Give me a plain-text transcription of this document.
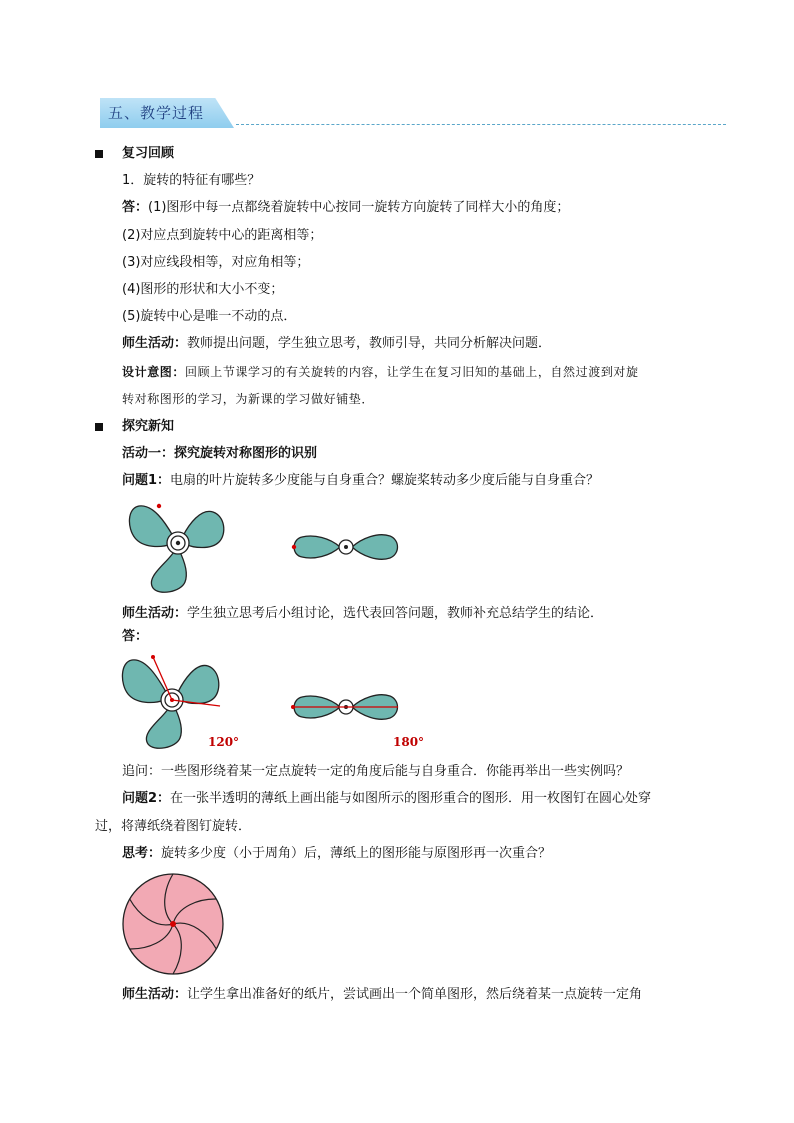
五、教学过程
复习回顾
1．旋转的特征有哪些？
答：(1)图形中每一点都绕着旋转中心按同一旋转方向旋转了同样大小的角度；
(2)对应点到旋转中心的距离相等；
(3)对应线段相等，对应角相等；
(4)图形的形状和大小不变；
(5)旋转中心是唯一不动的点．
师生活动：教师提出问题，学生独立思考，教师引导，共同分析解决问题．
设计意图：回顾上节课学习的有关旋转的内容，让学生在复习旧知的基础上，自然过渡到对旋
转对称图形的学习，为新课的学习做好铺垫．
探究新知
活动一：探究旋转对称图形的识别
问题1：电扇的叶片旋转多少度能与自身重合？螺旋桨转动多少度后能与自身重合？
师生活动：学生独立思考后小组讨论，选代表回答问题，教师补充总结学生的结论．
答：
120°	180°
追问：一些图形绕着某一定点旋转一定的角度后能与自身重合．你能再举出一些实例吗？
问题2：在一张半透明的薄纸上画出能与如图所示的图形重合的图形．用一枚图钉在圆心处穿
过，将薄纸绕着图钉旋转．
思考：旋转多少度（小于周角）后，薄纸上的图形能与原图形再一次重合？
师生活动：让学生拿出准备好的纸片，尝试画出一个简单图形，然后绕着某一点旋转一定角
